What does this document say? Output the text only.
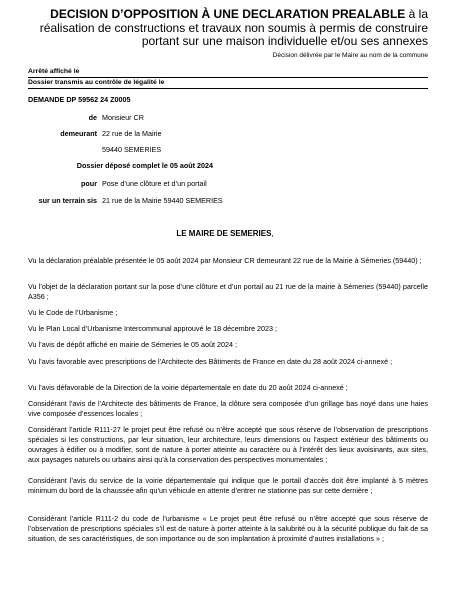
DECISION D’OPPOSITION À UNE DECLARATION PREALABLE à la réalisation de constructions et travaux non soumis à permis de construire portant sur une maison individuelle et/ou ses annexes
Décision délivrée par le Maire au nom de la commune
Arrêté affiché le
Dossier transmis au contrôle de légalité le
DEMANDE DP 59562 24 Z0005
de Monsieur CR
demeurant 22 rue de la Mairie
59440 SEMERIES
Dossier déposé complet le 05 août 2024
pour Pose d’une clôture et d’un portail
sur un terrain sis 21 rue de la Mairie 59440 SEMERIES
LE MAIRE DE SEMERIES,
Vu la déclaration préalable présentée le 05 août 2024 par Monsieur CR demeurant 22 rue de la Mairie à Sémeries (59440) ;
Vu l’objet de la déclaration portant sur la pose d’une clôture et d’un portail au 21 rue de la mairie à Sémeries (59440) parcelle A356 ;
Vu le Code de l’Urbanisme ;
Vu le Plan Local d’Urbanisme Intercommunal approuvé le 18 décembre 2023 ;
Vu l’avis de dépôt affiché en mairie de Sémeries le 05 août 2024 ;
Vu l’avis favorable avec prescriptions de l’Architecte des Bâtiments de France en date du 28 août 2024 ci-annexé ;
Vu l’avis défavorable de la Direction de la voirie départementale en date du 20 août 2024 ci-annexé ;
Considérant l’avis de l’Architecte des bâtiments de France, la clôture sera composée d’un grillage bas noyé dans une haies vive composée d’essences locales ;
Considérant l’article R111-27 le projet peut être refusé ou n’être accepté que sous réserve de l’observation de prescriptions spéciales si les constructions, par leur situation, leur architecture, leurs dimensions ou l’aspect extérieur des bâtiments ou ouvrages à édifier ou à modifier, sont de nature à porter atteinte au caractère ou à l’intérêt des lieux avoisinants, aux sites, aux paysages naturels ou urbains ainsi qu’à la conservation des perspectives monumentales ;
Considérant l’avis du service de la voirie départementale qui indique que le portail d’accès doit être implanté à 5 mètres minimum du bord de la chaussée afin qu’un véhicule en attente d’entrer ne stationne pas sur cette dernière ;
Considérant l’article R111-2 du code de l’urbanisme « Le projet peut être refusé ou n’être accepté que sous réserve de l’observation de prescriptions spéciales s’il est de nature à porter atteinte à la salubrité ou à la sécurité publique du fait de sa situation, de ses caractéristiques, de son importance ou de son implantation à proximité d’autres installations » ;
